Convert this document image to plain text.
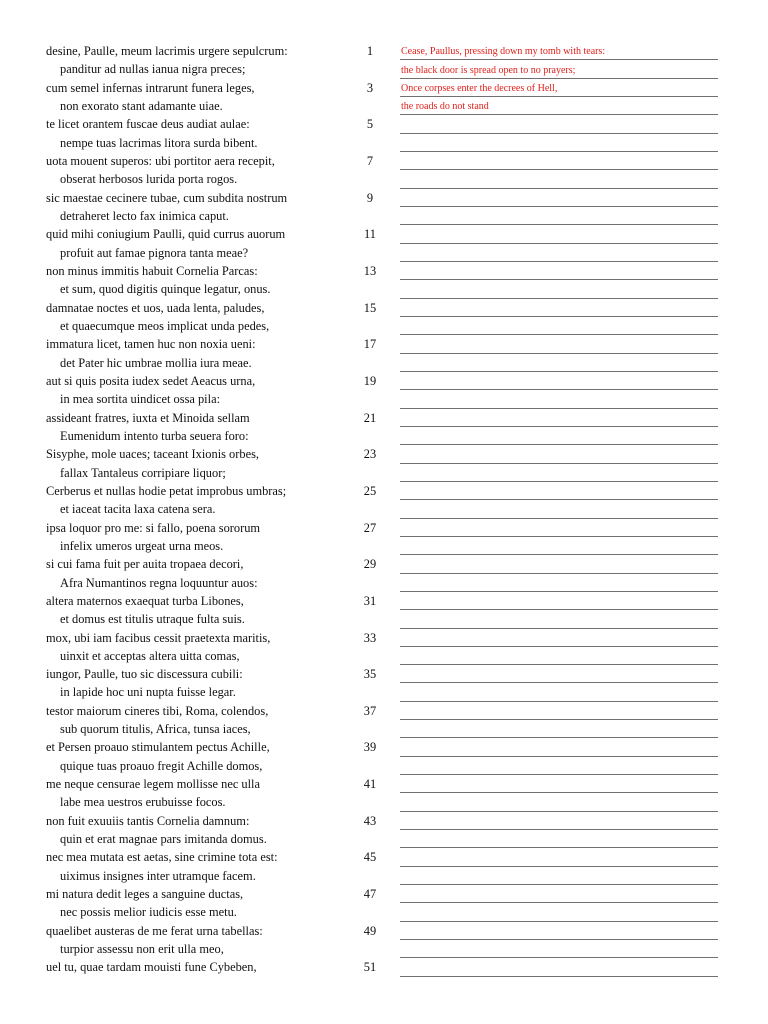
desine, Paulle, meum lacrimis urgere sepulcrum:
panditur ad nullas ianua nigra preces;
cum semel infernas intrarunt funera leges,
non exorato stant adamante uiae.
te licet orantem fuscae deus audiat aulae:
nempe tuas lacrimas litora surda bibent.
uota mouent superos: ubi portitor aera recepit,
obserat herbosos lurida porta rogos.
sic maestae cecinere tubae, cum subdita nostrum
detraheret lecto fax inimica caput.
quid mihi coniugium Paulli, quid currus auorum
profuit aut famae pignora tanta meae?
non minus immitis habuit Cornelia Parcas:
et sum, quod digitis quinque legatur, onus.
damnatae noctes et uos, uada lenta, paludes,
et quaecumque meos implicat unda pedes,
immatura licet, tamen huc non noxia ueni:
det Pater hic umbrae mollia iura meae.
aut si quis posita iudex sedet Aeacus urna,
in mea sortita uindicet ossa pila:
assideant fratres, iuxta et Minoida sellam
Eumenidum intento turba seuera foro:
Sisyphe, mole uaces; taceant Ixionis orbes,
fallax Tantaleus corripiare liquor;
Cerberus et nullas hodie petat improbus umbras;
et iaceat tacita laxa catena sera.
ipsa loquor pro me: si fallo, poena sororum
infelix umeros urgeat urna meos.
si cui fama fuit per auita tropaea decori,
Afra Numantinos regna loquuntur auos:
altera maternos exaequat turba Libones,
et domus est titulis utraque fulta suis.
mox, ubi iam facibus cessit praetexta maritis,
uinxit et acceptas altera uitta comas,
iungor, Paulle, tuo sic discessura cubili:
in lapide hoc uni nupta fuisse legar.
testor maiorum cineres tibi, Roma, colendos,
sub quorum titulis, Africa, tunsa iaces,
et Persen proauo stimulantem pectus Achille,
quique tuas proauo fregit Achille domos,
me neque censurae legem mollisse nec ulla
labe mea uestros erubuisse focos.
non fuit exuuiis tantis Cornelia damnum:
quin et erat magnae pars imitanda domus.
nec mea mutata est aetas, sine crimine tota est:
uiximus insignes inter utramque facem.
mi natura dedit leges a sanguine ductas,
nec possis melior iudicis esse metu.
quaelibet austeras de me ferat urna tabellas:
turpior assessu non erit ulla meo,
uel tu, quae tardam mouisti fune Cybeben,
1
3
5
7
9
11
13
15
17
19
21
23
25
27
29
31
33
35
37
39
41
43
45
47
49
51
Cease, Paullus, pressing down my tomb with tears:
the black door is spread open to no prayers;
Once corpses enter the decrees of Hell,
the roads do not stand
